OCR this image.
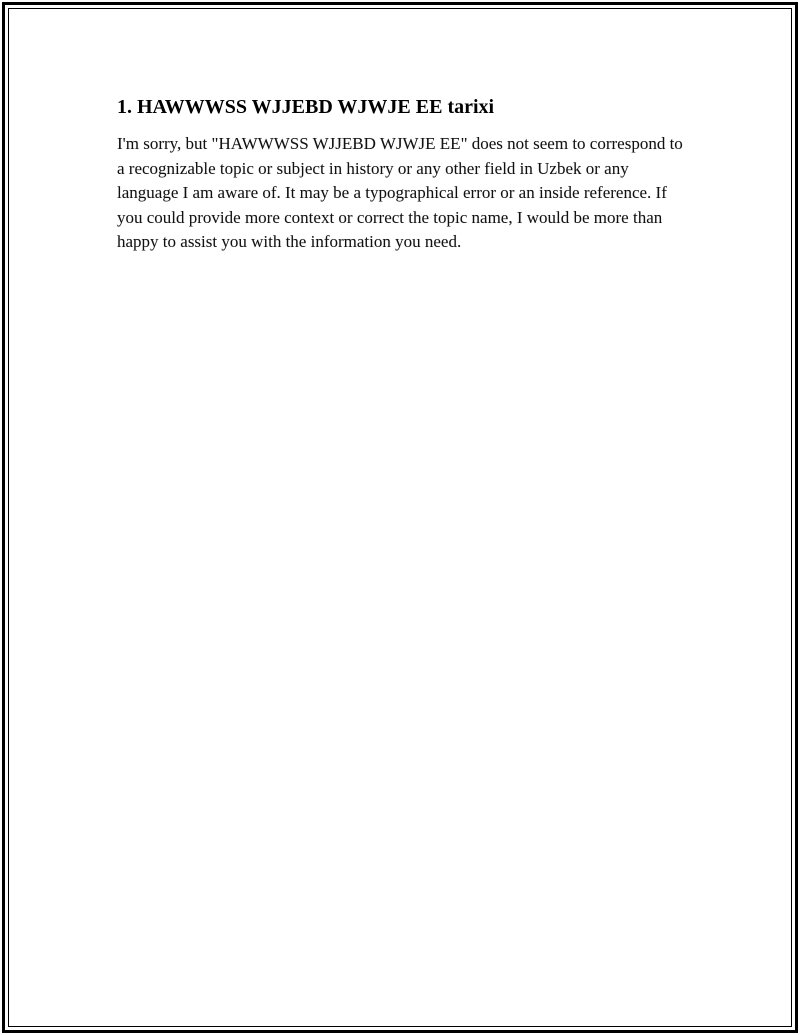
1. HAWWWSS WJJEBD WJWJE EE tarixi

I'm sorry, but "HAWWWSS WJJEBD WJWJE EE" does not seem to correspond to a recognizable topic or subject in history or any other field in Uzbek or any language I am aware of. It may be a typographical error or an inside reference. If you could provide more context or correct the topic name, I would be more than happy to assist you with the information you need.
